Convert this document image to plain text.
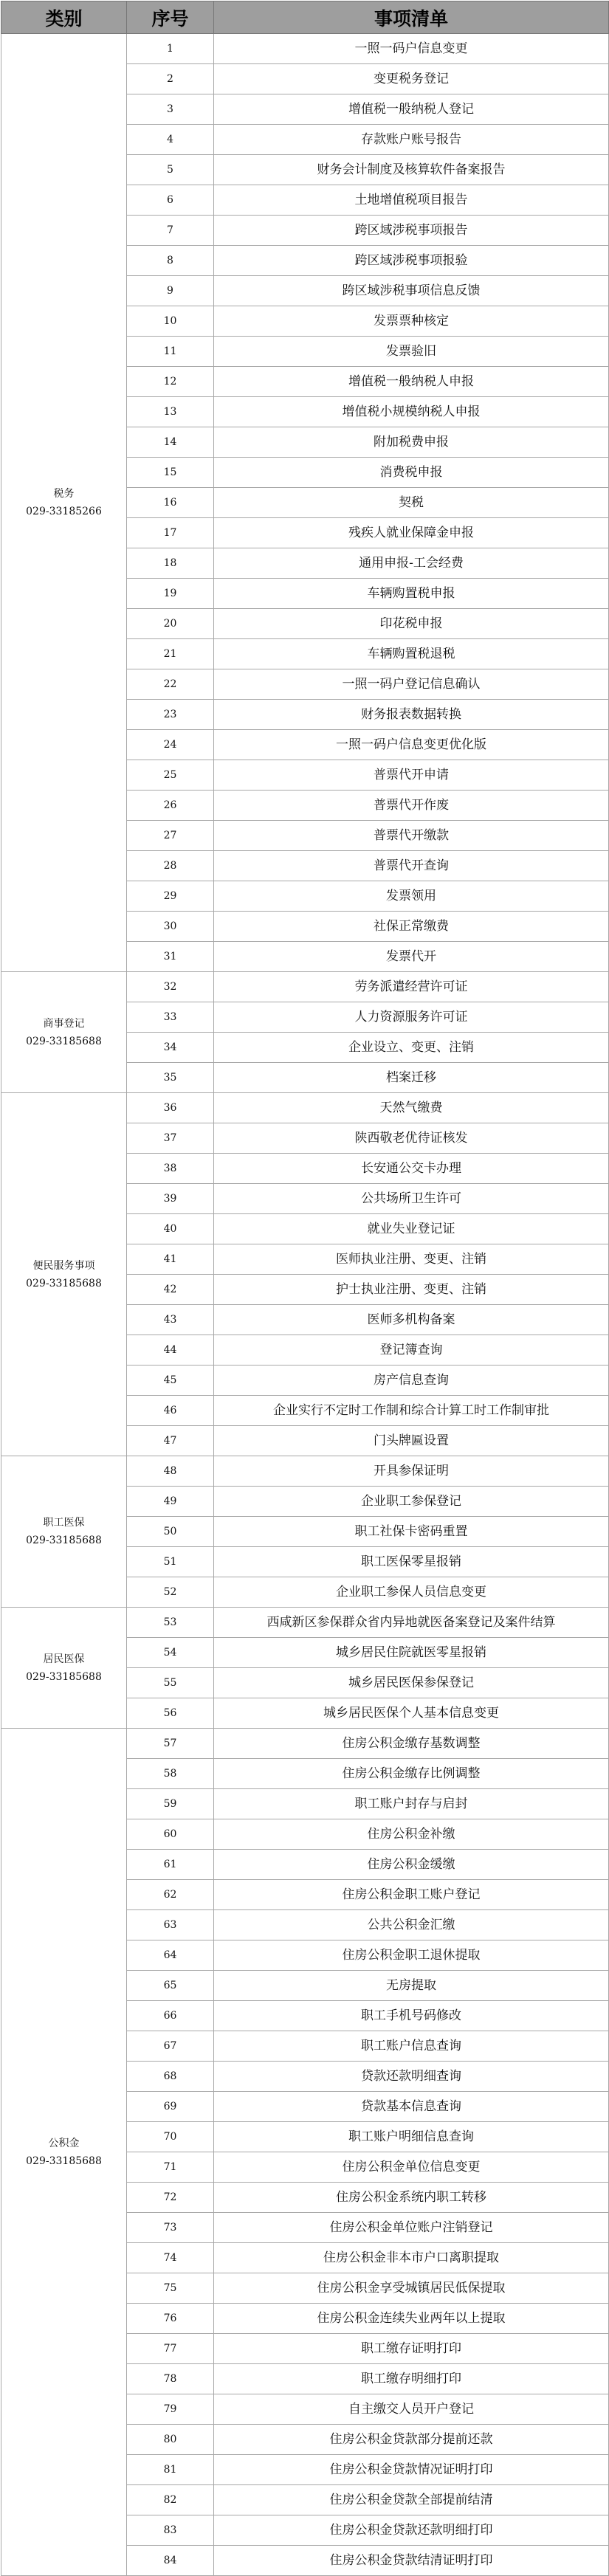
类别	序号	事项清单

税务
029-33185266	1	一照一码户信息变更
	2	变更税务登记
	3	增值税一般纳税人登记
	4	存款账户账号报告
	5	财务会计制度及核算软件备案报告
	6	土地增值税项目报告
	7	跨区域涉税事项报告
	8	跨区域涉税事项报验
	9	跨区域涉税事项信息反馈
	10	发票票种核定
	11	发票验旧
	12	增值税一般纳税人申报
	13	增值税小规模纳税人申报
	14	附加税费申报
	15	消费税申报
	16	契税
	17	残疾人就业保障金申报
	18	通用申报-工会经费
	19	车辆购置税申报
	20	印花税申报
	21	车辆购置税退税
	22	一照一码户登记信息确认
	23	财务报表数据转换
	24	一照一码户信息变更优化版
	25	普票代开申请
	26	普票代开作废
	27	普票代开缴款
	28	普票代开查询
	29	发票领用
	30	社保正常缴费
	31	发票代开

商事登记
029-33185688	32	劳务派遣经营许可证
	33	人力资源服务许可证
	34	企业设立、变更、注销
	35	档案迁移

便民服务事项
029-33185688	36	天然气缴费
	37	陕西敬老优待证核发
	38	长安通公交卡办理
	39	公共场所卫生许可
	40	就业失业登记证
	41	医师执业注册、变更、注销
	42	护士执业注册、变更、注销
	43	医师多机构备案
	44	登记簿查询
	45	房产信息查询
	46	企业实行不定时工作制和综合计算工时工作制审批
	47	门头牌匾设置

职工医保
029-33185688	48	开具参保证明
	49	企业职工参保登记
	50	职工社保卡密码重置
	51	职工医保零星报销
	52	企业职工参保人员信息变更

居民医保
029-33185688	53	西咸新区参保群众省内异地就医备案登记及案件结算
	54	城乡居民住院就医零星报销
	55	城乡居民医保参保登记
	56	城乡居民医保个人基本信息变更

公积金
029-33185688	57	住房公积金缴存基数调整
	58	住房公积金缴存比例调整
	59	职工账户封存与启封
	60	住房公积金补缴
	61	住房公积金缓缴
	62	住房公积金职工账户登记
	63	公共公积金汇缴
	64	住房公积金职工退休提取
	65	无房提取
	66	职工手机号码修改
	67	职工账户信息查询
	68	贷款还款明细查询
	69	贷款基本信息查询
	70	职工账户明细信息查询
	71	住房公积金单位信息变更
	72	住房公积金系统内职工转移
	73	住房公积金单位账户注销登记
	74	住房公积金非本市户口离职提取
	75	住房公积金享受城镇居民低保提取
	76	住房公积金连续失业两年以上提取
	77	职工缴存证明打印
	78	职工缴存明细打印
	79	自主缴交人员开户登记
	80	住房公积金贷款部分提前还款
	81	住房公积金贷款情况证明打印
	82	住房公积金贷款全部提前结清
	83	住房公积金贷款还款明细打印
	84	住房公积金贷款结清证明打印
